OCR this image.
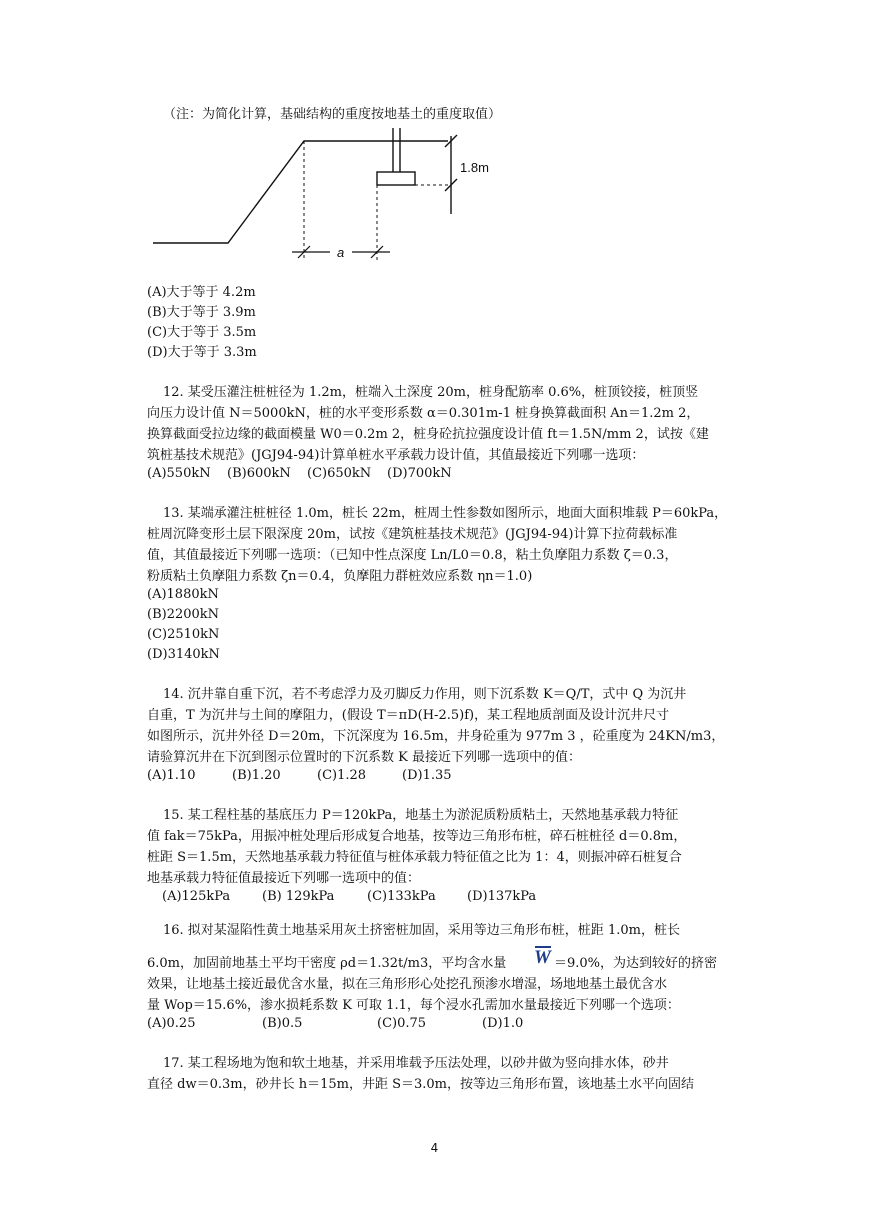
（注：为简化计算，基础结构的重度按地基土的重度取值）
1.8m
a
(A)大于等于 4.2m
(B)大于等于 3.9m
(C)大于等于 3.5m
(D)大于等于 3.3m
12. 某受压灌注桩桩径为 1.2m，桩端入土深度 20m，桩身配筋率 0.6%，桩顶铰接，桩顶竖
向压力设计值 N＝5000kN，桩的水平变形系数 α＝0.301m-1 桩身换算截面积 An＝1.2m 2，
换算截面受拉边缘的截面模量 W0＝0.2m 2，桩身砼抗拉强度设计值 ft＝1.5N/mm 2，试按《建
筑桩基技术规范》(JGJ94-94)计算单桩水平承载力设计值，其值最接近下列哪一选项：
(A)550kN (B)600kN (C)650kN (D)700kN
13. 某端承灌注桩桩径 1.0m，桩长 22m，桩周土性参数如图所示，地面大面积堆载 P＝60kPa，
桩周沉降变形土层下限深度 20m，试按《建筑桩基技术规范》(JGJ94-94)计算下拉荷载标准
值，其值最接近下列哪一选项：（已知中性点深度 Ln/L0＝0.8，粘土负摩阻力系数 ζ＝0.3，
粉质粘土负摩阻力系数 ζn＝0.4，负摩阻力群桩效应系数 ηn＝1.0)
(A)1880kN
(B)2200kN
(C)2510kN
(D)3140kN
14. 沉井靠自重下沉，若不考虑浮力及刃脚反力作用，则下沉系数 K＝Q/T，式中 Q 为沉井
自重，T 为沉井与土间的摩阻力，(假设 T＝πD(H-2.5)f)，某工程地质剖面及设计沉井尺寸
如图所示，沉井外径 D＝20m，下沉深度为 16.5m，井身砼重为 977m 3 ，砼重度为 24KN/m3，
请验算沉井在下沉到图示位置时的下沉系数 K 最接近下列哪一选项中的值：
(A)1.10	(B)1.20	(C)1.28	(D)1.35
15. 某工程柱基的基底压力 P＝120kPa，地基土为淤泥质粉质粘土，天然地基承载力特征
值 fak＝75kPa，用振冲桩处理后形成复合地基，按等边三角形布桩，碎石桩桩径 d＝0.8m，
桩距 S＝1.5m，天然地基承载力特征值与桩体承载力特征值之比为 1：4，则振冲碎石桩复合
地基承载力特征值最接近下列哪一选项中的值：
(A)125kPa (B) 129kPa	(C)133kPa (D)137kPa
16. 拟对某湿陷性黄土地基采用灰土挤密桩加固，采用等边三角形布桩，桩距 1.0m，桩长
6.0m，加固前地基土平均干密度 ρd＝1.32t/m3，平均含水量 W ＝9.0%，为达到较好的挤密
效果，让地基土接近最优含水量，拟在三角形形心处挖孔预渗水增湿，场地地基土最优含水
量 Wop＝15.6%，渗水损耗系数 K 可取 1.1，每个浸水孔需加水量最接近下列哪一个选项：
(A)0.25	(B)0.5	(C)0.75	(D)1.0
17. 某工程场地为饱和软土地基，并采用堆载予压法处理，以砂井做为竖向排水体，砂井
直径 dw＝0.3m，砂井长 h＝15m，井距 S＝3.0m，按等边三角形布置，该地基土水平向固结
4
